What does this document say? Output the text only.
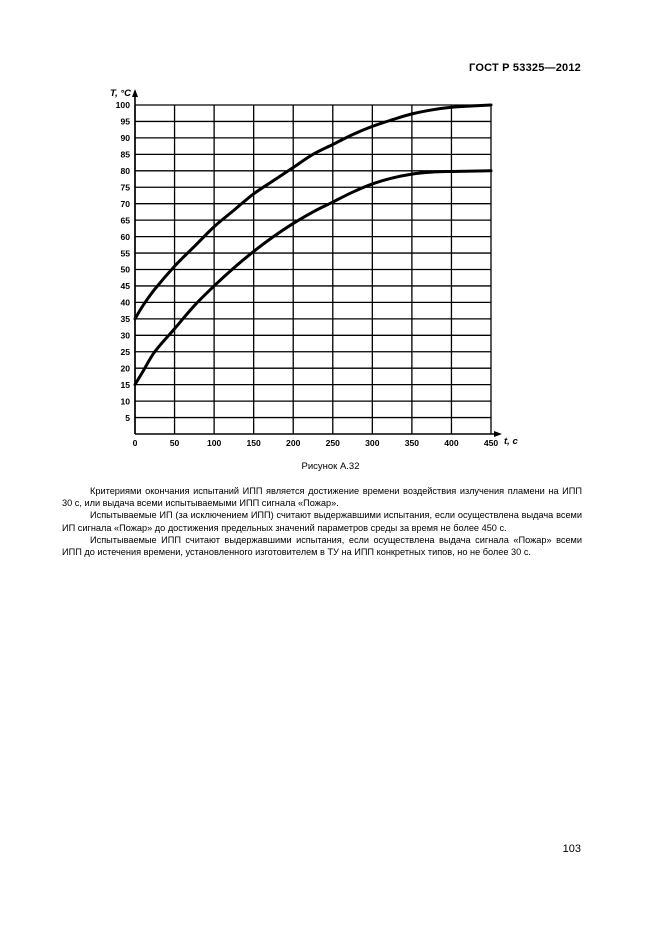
ГОСТ Р 53325—2012
5
10
15
20
25
30
35
40
45
50
55
60
65
70
75
80
85
90
95
100
0	50	100	150	200	250	300	350	400	450
T, °C
t, c
Рисунок А.32

Критериями окончания испытаний ИПП является достижение времени воздействия излучения пламени на ИПП 30 с, или выдача всеми испытываемыми ИПП сигнала «Пожар».

Испытываемые ИП (за исключением ИПП) считают выдержавшими испытания, если осуществлена выдача всеми ИП сигнала «Пожар» до достижения предельных значений параметров среды за время не более 450 с.

Испытываемые ИПП считают выдержавшими испытания, если осуществлена выдача сигнала «Пожар» всеми ИПП до истечения времени, установленного изготовителем в ТУ на ИПП конкретных типов, но не более 30 с.

103
